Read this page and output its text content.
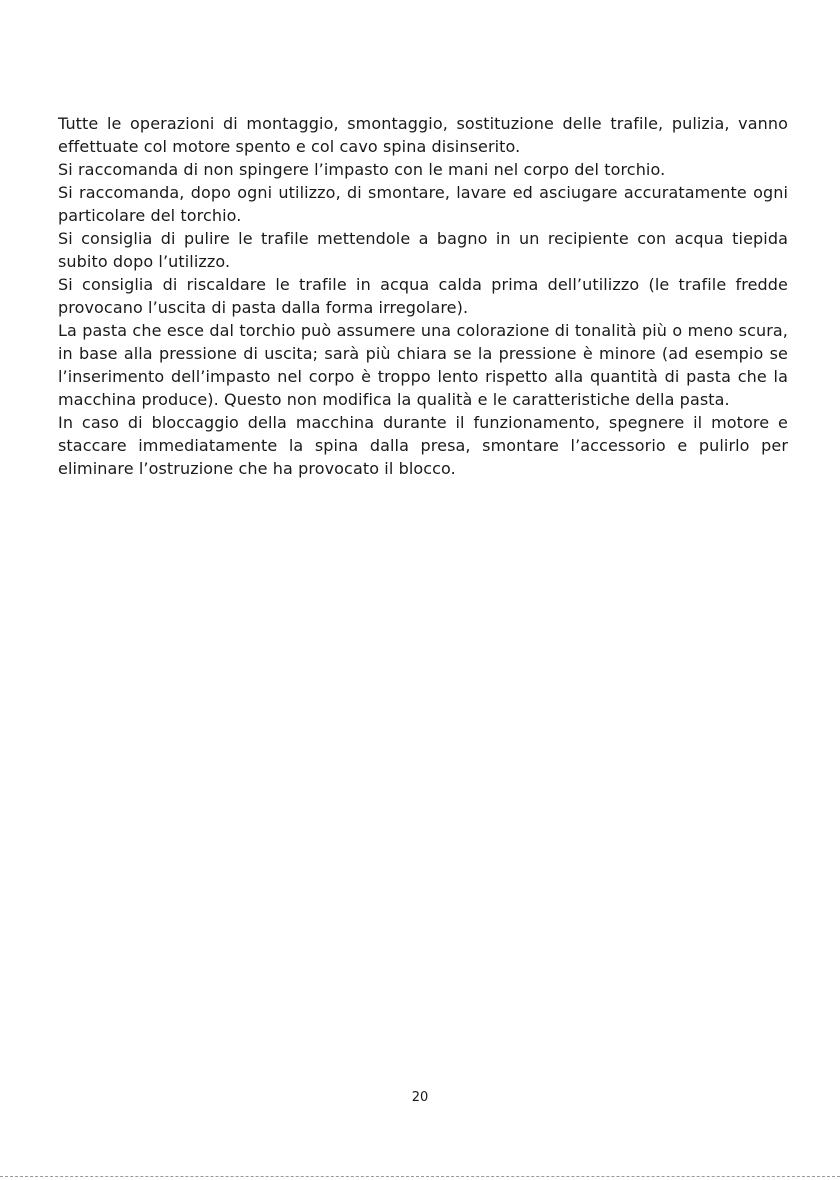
Tutte le operazioni di montaggio, smontaggio, sostituzione delle trafile, pulizia, vanno effettuate col motore spento e col cavo spina disinserito.

Si raccomanda di non spingere l’impasto con le mani nel corpo del torchio.

Si raccomanda, dopo ogni utilizzo, di smontare, lavare ed asciugare accuratamente ogni particolare del torchio.

Si consiglia di pulire le trafile mettendole a bagno in un recipiente con acqua tiepida subito dopo l’utilizzo.

Si consiglia di riscaldare le trafile in acqua calda prima dell’utilizzo (le trafile fredde provocano l’uscita di pasta dalla forma irregolare).

La pasta che esce dal torchio può assumere una colorazione di tonalità più o meno scura, in base alla pressione di uscita; sarà più chiara se la pressione è minore (ad esempio se l’inserimento dell’impasto nel corpo è troppo lento rispetto alla quantità di pasta che la macchina produce). Questo non modifica la qualità e le caratteristiche della pasta.

In caso di bloccaggio della macchina durante il funzionamento, spegnere il motore e staccare immediatamente la spina dalla presa, smontare l’accessorio e pulirlo per eliminare l’ostruzione che ha provocato il blocco.

20
